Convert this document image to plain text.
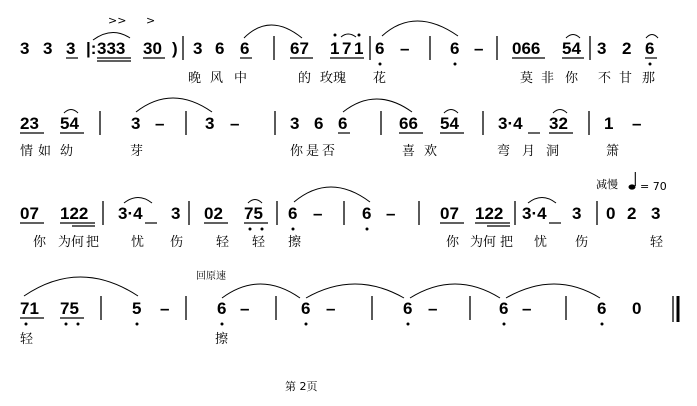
3 3 3 |: 333 30 )
>> >
3 6 6 67 1 7 1 6 – 6 – 066 54 3 2 6
晚 风 中	的 玫瑰 花	莫 非 你 不 甘 那
23 54	3 – 3 –	3 6 6	66 54 3·4 32 1 –
情 如 幼	芽	你 是 否	喜 欢	弯 月 洞	箫
07 122 3·4 3 02 75 6 – 6 –	07 122 3·4 3 0 2 3
减慢 = 70
你 为何 把 忧 伤	轻 轻 擦	你 为何 把 忧 伤	轻
71 75	5 –
回原速
6 –	6 –	6 –	6 –	6 0
轻	擦
第 2页
